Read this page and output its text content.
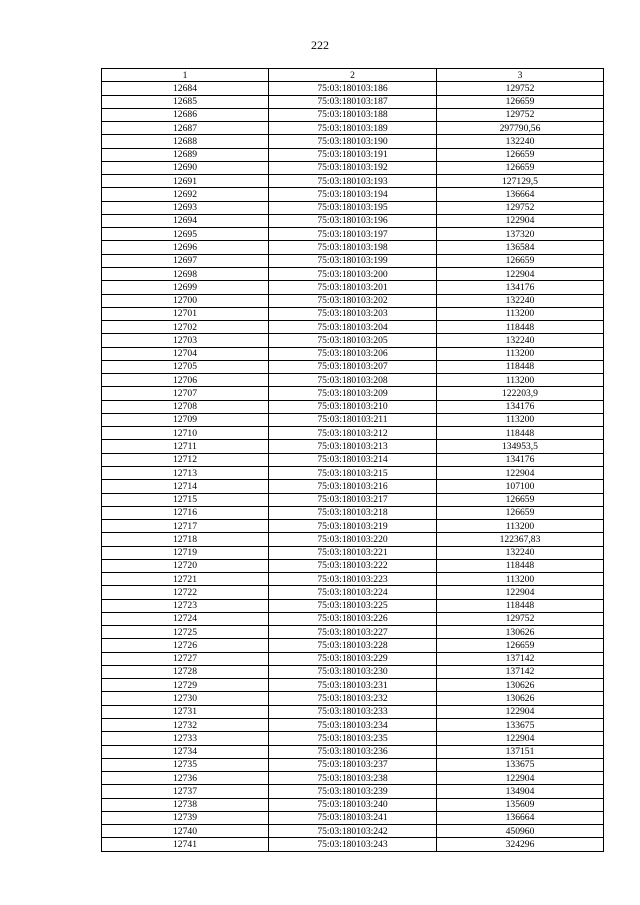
222
1	2	3
12684	75:03:180103:186	129752
12685	75:03:180103:187	126659
12686	75:03:180103:188	129752
12687	75:03:180103:189	297790,56
12688	75:03:180103:190	132240
12689	75:03:180103:191	126659
12690	75:03:180103:192	126659
12691	75:03:180103:193	127129,5
12692	75:03:180103:194	136664
12693	75:03:180103:195	129752
12694	75:03:180103:196	122904
12695	75:03:180103:197	137320
12696	75:03:180103:198	136584
12697	75:03:180103:199	126659
12698	75:03:180103:200	122904
12699	75:03:180103:201	134176
12700	75:03:180103:202	132240
12701	75:03:180103:203	113200
12702	75:03:180103:204	118448
12703	75:03:180103:205	132240
12704	75:03:180103:206	113200
12705	75:03:180103:207	118448
12706	75:03:180103:208	113200
12707	75:03:180103:209	122203,9
12708	75:03:180103:210	134176
12709	75:03:180103:211	113200
12710	75:03:180103:212	118448
12711	75:03:180103:213	134953,5
12712	75:03:180103:214	134176
12713	75:03:180103:215	122904
12714	75:03:180103:216	107100
12715	75:03:180103:217	126659
12716	75:03:180103:218	126659
12717	75:03:180103:219	113200
12718	75:03:180103:220	122367,83
12719	75:03:180103:221	132240
12720	75:03:180103:222	118448
12721	75:03:180103:223	113200
12722	75:03:180103:224	122904
12723	75:03:180103:225	118448
12724	75:03:180103:226	129752
12725	75:03:180103:227	130626
12726	75:03:180103:228	126659
12727	75:03:180103:229	137142
12728	75:03:180103:230	137142
12729	75:03:180103:231	130626
12730	75:03:180103:232	130626
12731	75:03:180103:233	122904
12732	75:03:180103:234	133675
12733	75:03:180103:235	122904
12734	75:03:180103:236	137151
12735	75:03:180103:237	133675
12736	75:03:180103:238	122904
12737	75:03:180103:239	134904
12738	75:03:180103:240	135609
12739	75:03:180103:241	136664
12740	75:03:180103:242	450960
12741	75:03:180103:243	324296
